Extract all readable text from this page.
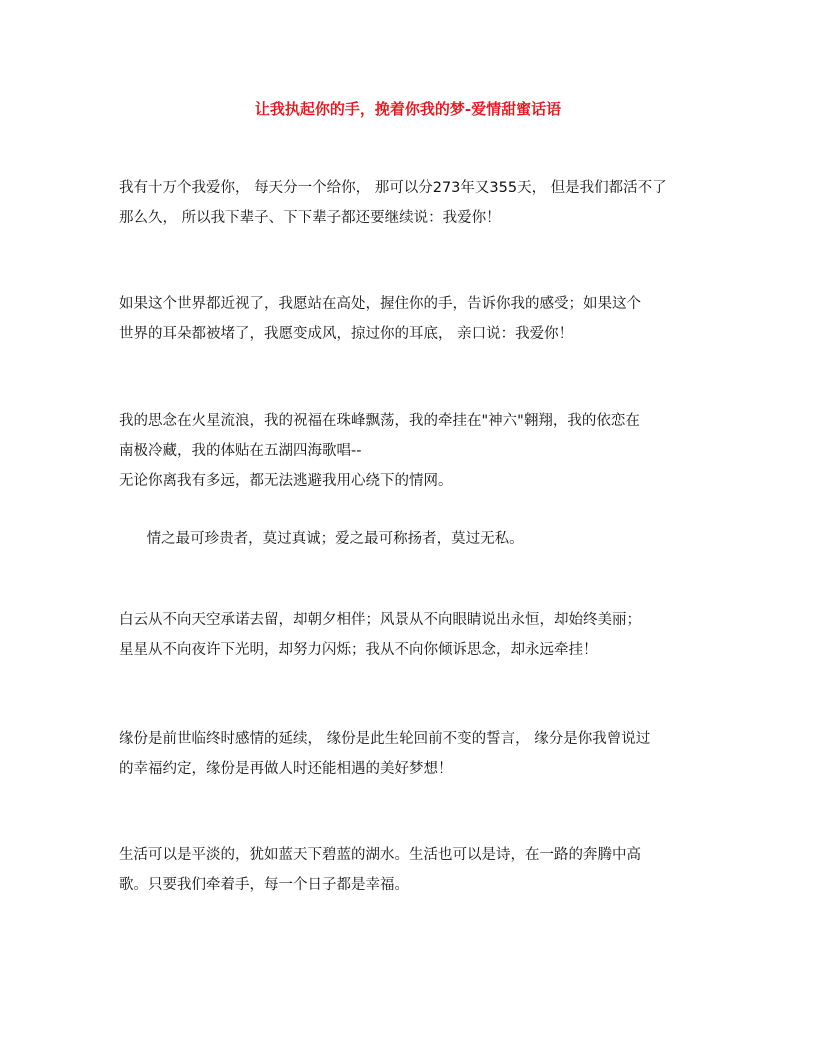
让我执起你的手，挽着你我的梦-爱情甜蜜话语
我有十万个我爱你， 每天分一个给你， 那可以分273年又355天， 但是我们都活不了
那么久， 所以我下辈子、下下辈子都还要继续说：我爱你！
如果这个世界都近视了，我愿站在高处，握住你的手，告诉你我的感受；如果这个
世界的耳朵都被堵了，我愿变成风，掠过你的耳底， 亲口说：我爱你！
我的思念在火星流浪，我的祝福在珠峰飘荡，我的牵挂在"神六"翱翔，我的依恋在
南极冷藏，我的体贴在五湖四海歌唱--
无论你离我有多远，都无法逃避我用心绕下的情网。
情之最可珍贵者，莫过真诚；爱之最可称扬者，莫过无私。
白云从不向天空承诺去留，却朝夕相伴；风景从不向眼睛说出永恒，却始终美丽；
星星从不向夜许下光明，却努力闪烁；我从不向你倾诉思念，却永远牵挂！
缘份是前世临终时感情的延续， 缘份是此生轮回前不变的誓言， 缘分是你我曾说过
的幸福约定，缘份是再做人时还能相遇的美好梦想！
生活可以是平淡的，犹如蓝天下碧蓝的湖水。生活也可以是诗，在一路的奔腾中高
歌。只要我们牵着手，每一个日子都是幸福。
